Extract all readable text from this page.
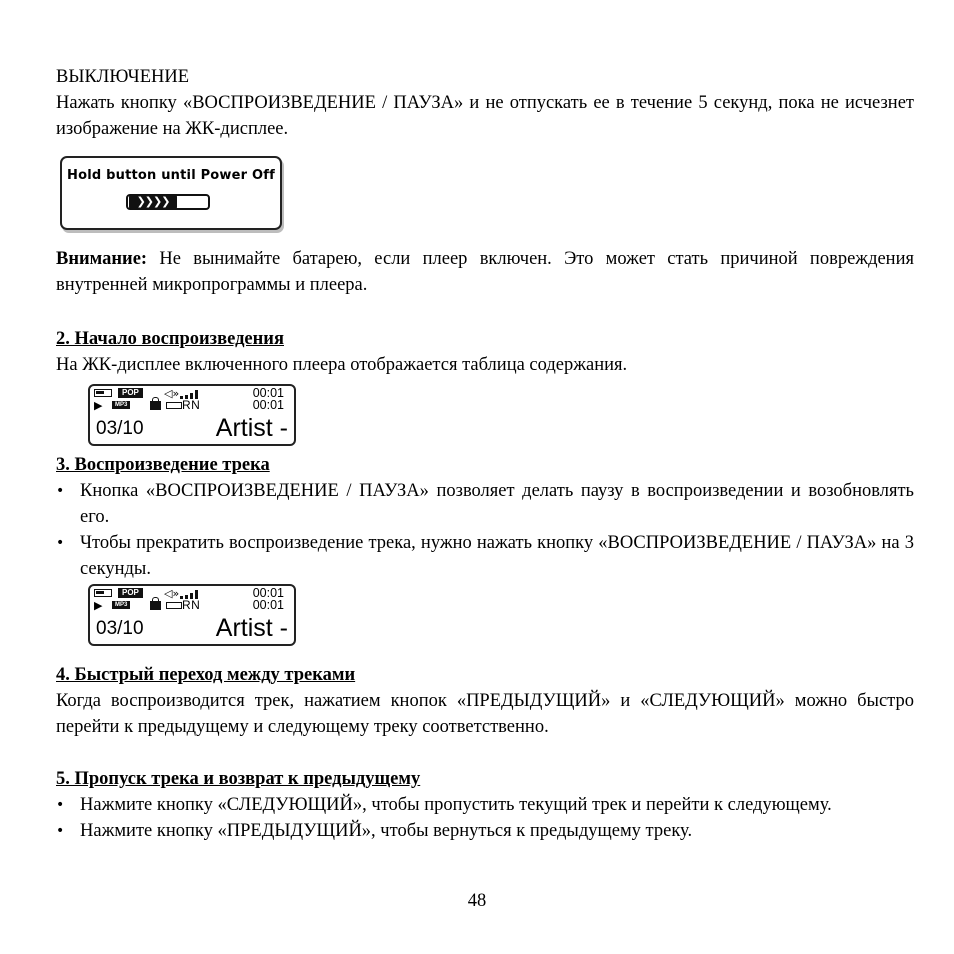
ВЫКЛЮЧЕНИЕ

Нажать кнопку «ВОСПРОИЗВЕДЕНИЕ / ПАУЗА» и не отпускать ее в течение 5 секунд, пока не исчезнет изображение на ЖК-дисплее.

Hold button until Power Off
❯❯❯❯
Внимание: Не вынимайте батарею, если плеер включен. Это может стать причиной повреждения внутренней микропрограммы и плеера.

2. Начало воспроизведения

На ЖК-дисплее включенного плеера отображается таблица содержания.

POP	◁»	00:01
▶	MP3	RN	00:01
03/10	Artist -

3. Воспроизведение трека

• Кнопка «ВОСПРОИЗВЕДЕНИЕ / ПАУЗА» позволяет делать паузу в воспроизведении и возобновлять его.
• Чтобы прекратить воспроизведение трека, нужно нажать кнопку «ВОСПРОИЗВЕДЕНИЕ / ПАУЗА» на 3 секунды.
POP	◁»	00:01
▶	MP3	RN	00:01
03/10	Artist -

4. Быстрый переход между треками

Когда воспроизводится трек, нажатием кнопок «ПРЕДЫДУЩИЙ» и «СЛЕДУЮЩИЙ» можно быстро перейти к предыдущему и следующему треку соответственно.

5. Пропуск трека и возврат к предыдущему

• Нажмите кнопку «СЛЕДУЮЩИЙ», чтобы пропустить текущий трек и перейти к следующему.
• Нажмите кнопку «ПРЕДЫДУЩИЙ», чтобы вернуться к предыдущему треку.
48
